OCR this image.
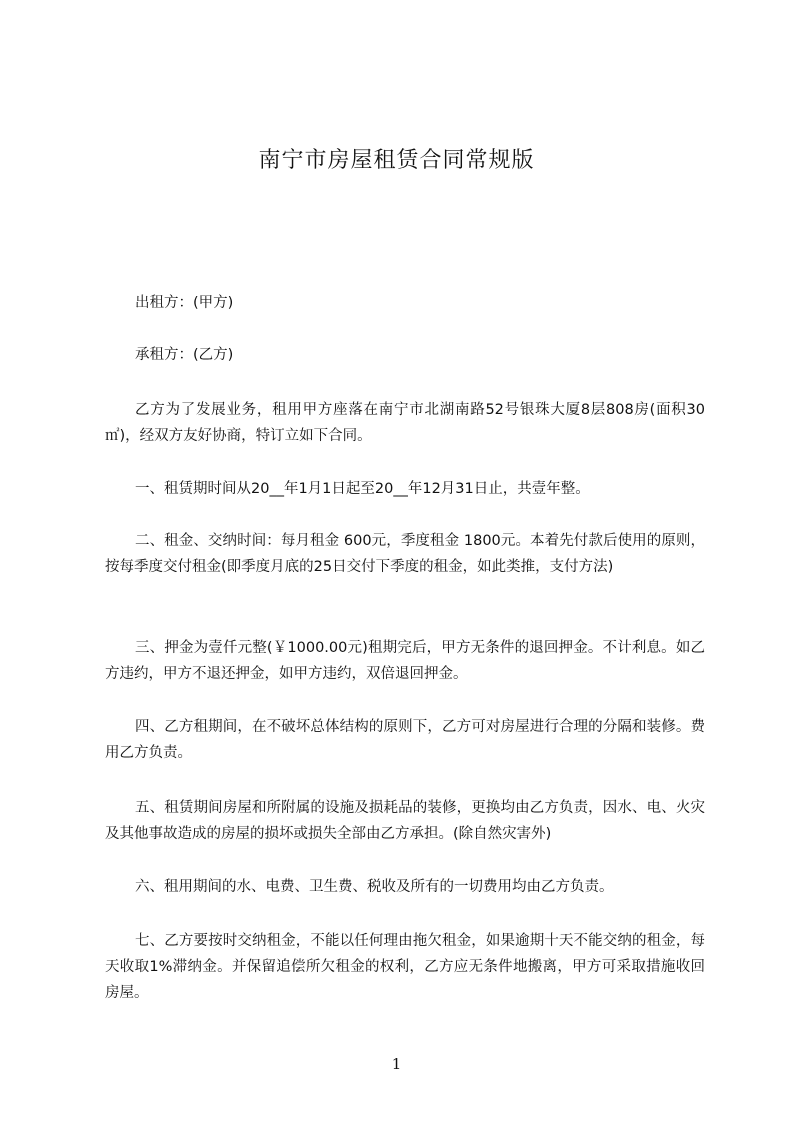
南宁市房屋租赁合同常规版
出租方：(甲方)
承租方：(乙方)
乙方为了发展业务，租用甲方座落在南宁市北湖南路52号银珠大厦8层808房(面积30㎡)，经双方友好协商，特订立如下合同。
一、租赁期时间从20__年1月1日起至20__年12月31日止，共壹年整。
二、租金、交纳时间：每月租金 600元，季度租金 1800元。本着先付款后使用的原则，按每季度交付租金(即季度月底的25日交付下季度的租金，如此类推，支付方法)
三、押金为壹仟元整(￥1000.00元)租期完后，甲方无条件的退回押金。不计利息。如乙方违约，甲方不退还押金，如甲方违约，双倍退回押金。
四、乙方租期间，在不破坏总体结构的原则下，乙方可对房屋进行合理的分隔和装修。费用乙方负责。
五、租赁期间房屋和所附属的设施及损耗品的装修，更换均由乙方负责，因水、电、火灾及其他事故造成的房屋的损坏或损失全部由乙方承担。(除自然灾害外)
六、租用期间的水、电费、卫生费、税收及所有的一切费用均由乙方负责。
七、乙方要按时交纳租金，不能以任何理由拖欠租金，如果逾期十天不能交纳的租金，每天收取1%滞纳金。并保留追偿所欠租金的权利，乙方应无条件地搬离，甲方可采取措施收回房屋。
1
